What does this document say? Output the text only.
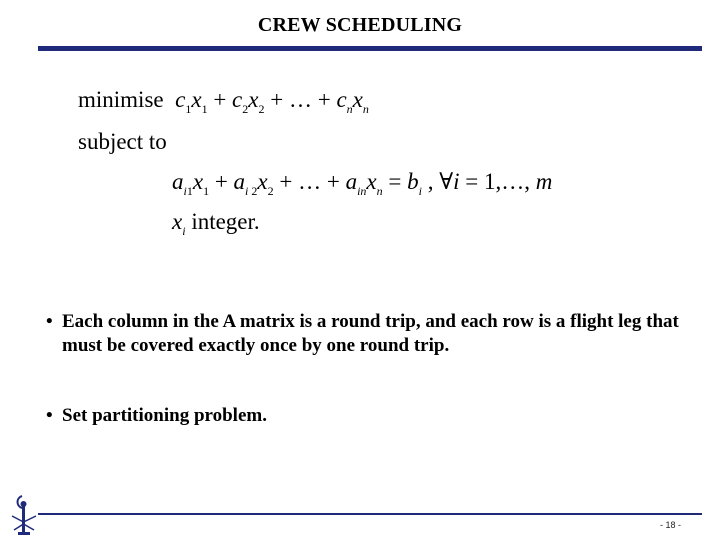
CREW SCHEDULING
minimise $c_1x_1 + c_2x_2$ + … + $c_nx_n$
subject to
$a_{i1}x_1 + a_{i 2}x_2$ + … + $a_{in}x_n = b_i$ , ∀i = 1,…, m
$x_i$ integer.
• Each column in the A matrix is a round trip, and each row is a flight leg that must be covered exactly once by one round trip.
• Set partitioning problem.
- 18 -
